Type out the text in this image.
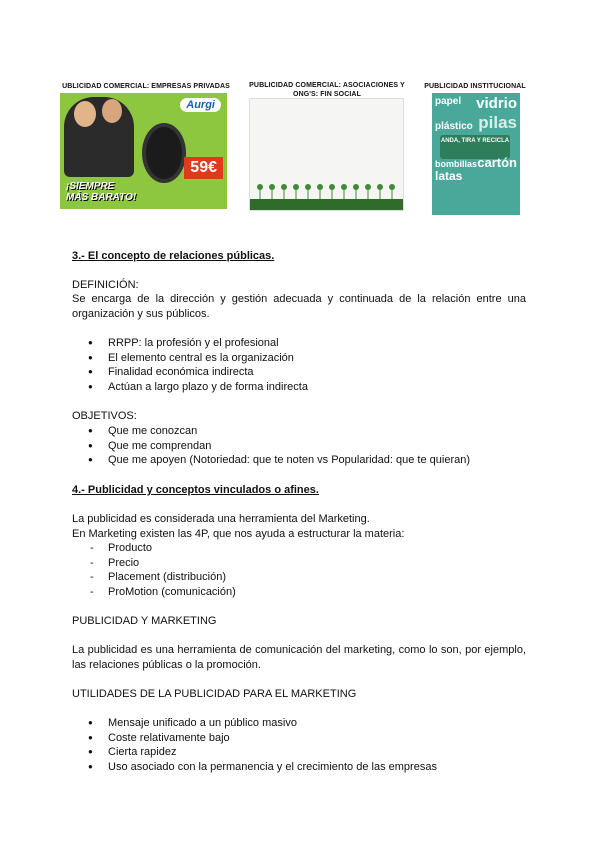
UBLICIDAD COMERCIAL: EMPRESAS PRIVADAS	PUBLICIDAD COMERCIAL: ASOCIACIONES Y
ONG'S: FIN SOCIAL
PUBLICIDAD INSTITUCIONAL
Aurgi
59€
¡SIEMPRE
MÁS BARATO!
papel vidrio
plástico pilas
ANDA, TIRA Y RECICLA
bombillas cartón
latas
3.- El concepto de relaciones públicas.
DEFINICIÓN:
Se encarga de la dirección y gestión adecuada y continuada de la relación entre una organización y sus públicos.
● RRPP: la profesión y el profesional
● El elemento central es la organización
● Finalidad económica indirecta
● Actúan a largo plazo y de forma indirecta
OBJETIVOS:
● Que me conozcan
● Que me comprendan
● Que me apoyen (Notoriedad: que te noten vs Popularidad: que te quieran)
4.- Publicidad y conceptos vinculados o afines.
La publicidad es considerada una herramienta del Marketing.
En Marketing existen las 4P, que nos ayuda a estructurar la materia:
- Producto
- Precio
- Placement (distribución)
- ProMotion (comunicación)
PUBLICIDAD Y MARKETING
La publicidad es una herramienta de comunicación del marketing, como lo son, por ejemplo, las relaciones públicas o la promoción.
UTILIDADES DE LA PUBLICIDAD PARA EL MARKETING
● Mensaje unificado a un público masivo
● Coste relativamente bajo
● Cierta rapidez
● Uso asociado con la permanencia y el crecimiento de las empresas
